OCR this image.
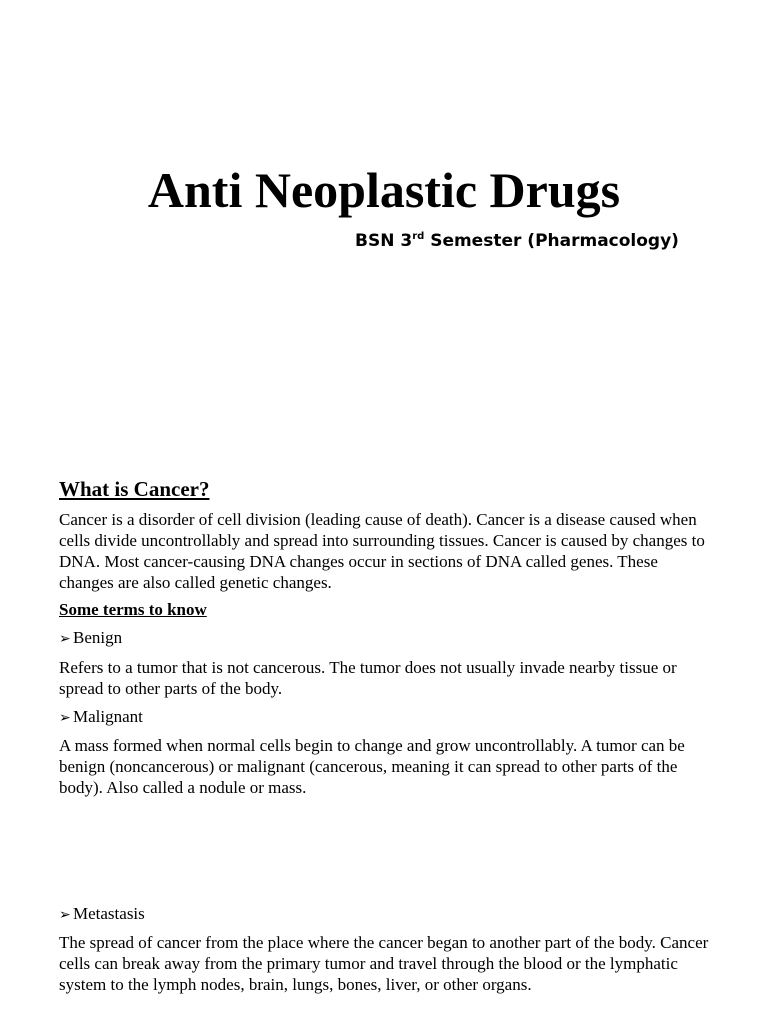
Anti Neoplastic Drugs

BSN 3rd Semester (Pharmacology)

What is Cancer?

Cancer is a disorder of cell division (leading cause of death). Cancer is a disease caused when cells divide uncontrollably and spread into surrounding tissues. Cancer is caused by changes to DNA. Most cancer-causing DNA changes occur in sections of DNA called genes. These changes are also called genetic changes.

Some terms to know
➢ Benign

Refers to a tumor that is not cancerous. The tumor does not usually invade nearby tissue or spread to other parts of the body.

➢ Malignant

A mass formed when normal cells begin to change and grow uncontrollably. A tumor can be benign (noncancerous) or malignant (cancerous, meaning it can spread to other parts of the body). Also called a nodule or mass.

➢ Metastasis

The spread of cancer from the place where the cancer began to another part of the body. Cancer cells can break away from the primary tumor and travel through the blood or the lymphatic system to the lymph nodes, brain, lungs, bones, liver, or other organs.
